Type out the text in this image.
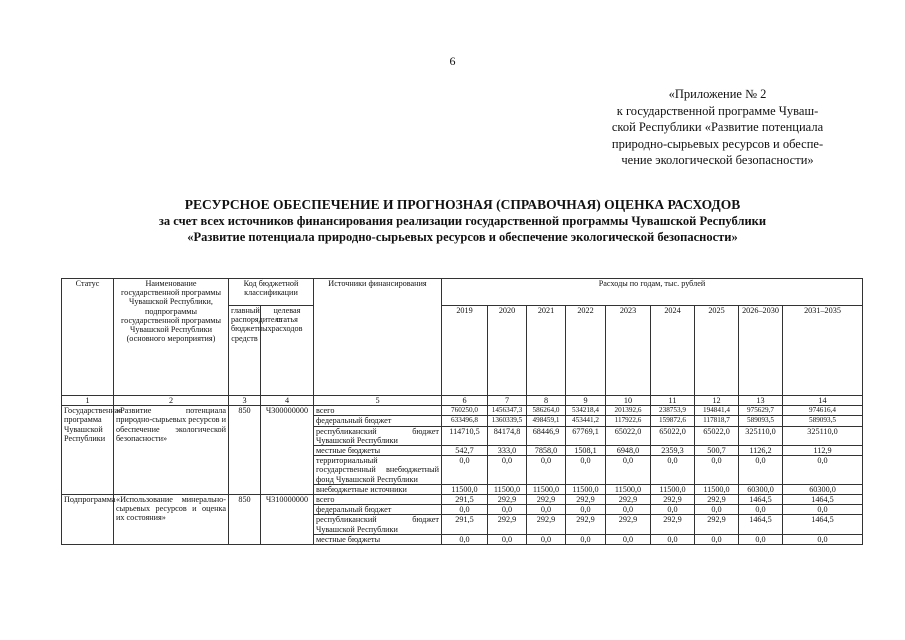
6
«Приложение № 2
к государственной программе Чуваш-
ской Республики «Развитие потенциала
природно-сырьевых ресурсов и обеспе-
чение экологической безопасности»
РЕСУРСНОЕ ОБЕСПЕЧЕНИЕ И ПРОГНОЗНАЯ (СПРАВОЧНАЯ) ОЦЕНКА РАСХОДОВ
за счет всех источников финансирования реализации государственной программы Чувашской Республики
«Развитие потенциала природно-сырьевых ресурсов и обеспечение экологической безопасности»
Статус	Наименование государственной программы Чувашской Республики, подпрограммы государственной программы Чувашской Республики (основного мероприятия)	Код бюджетной классификации		Источники финансирования	Расходы по годам, тыс. рублей								
		главный распорядитель бюджетных средств	целевая статья расходов		2019	2020	2021	2022	2023	2024	2025	2026–2030	2031–2035
1	2	3	4	5	6	7	8	9	10	11	12	13	14
Государственная программа Чувашской Республики	«Развитие потенциала природно-сырьевых ресурсов и обеспечение экологической безопасности»	850	Ч300000000	всего	760250,0	1456347,3	586264,0	534218,4	201392,6	238753,9	194841,4	975629,7	974616,4
				федеральный бюджет	633496,8	1360339,5	498459,1	453441,2	117922,6	159872,6	117818,7	589093,5	589093,5
				республиканский бюджет Чувашской Республики	114710,5	84174,8	68446,9	67769,1	65022,0	65022,0	65022,0	325110,0	325110,0
				местные бюджеты	542,7	333,0	7858,0	1508,1	6948,0	2359,3	500,7	1126,2	112,9
				территориальный государственный внебюджетный фонд Чувашской Республики	0,0	0,0	0,0	0,0	0,0	0,0	0,0	0,0	0,0
				внебюджетные источники	11500,0	11500,0	11500,0	11500,0	11500,0	11500,0	11500,0	60300,0	60300,0
Подпрограмма	«Использование минерально-сырьевых ресурсов и оценка их состояния»	850	Ч310000000	всего	291,5	292,9	292,9	292,9	292,9	292,9	292,9	1464,5	1464,5
				федеральный бюджет	0,0	0,0	0,0	0,0	0,0	0,0	0,0	0,0	0,0
				республиканский бюджет Чувашской Республики	291,5	292,9	292,9	292,9	292,9	292,9	292,9	1464,5	1464,5
				местные бюджеты	0,0	0,0	0,0	0,0	0,0	0,0	0,0	0,0	0,0
